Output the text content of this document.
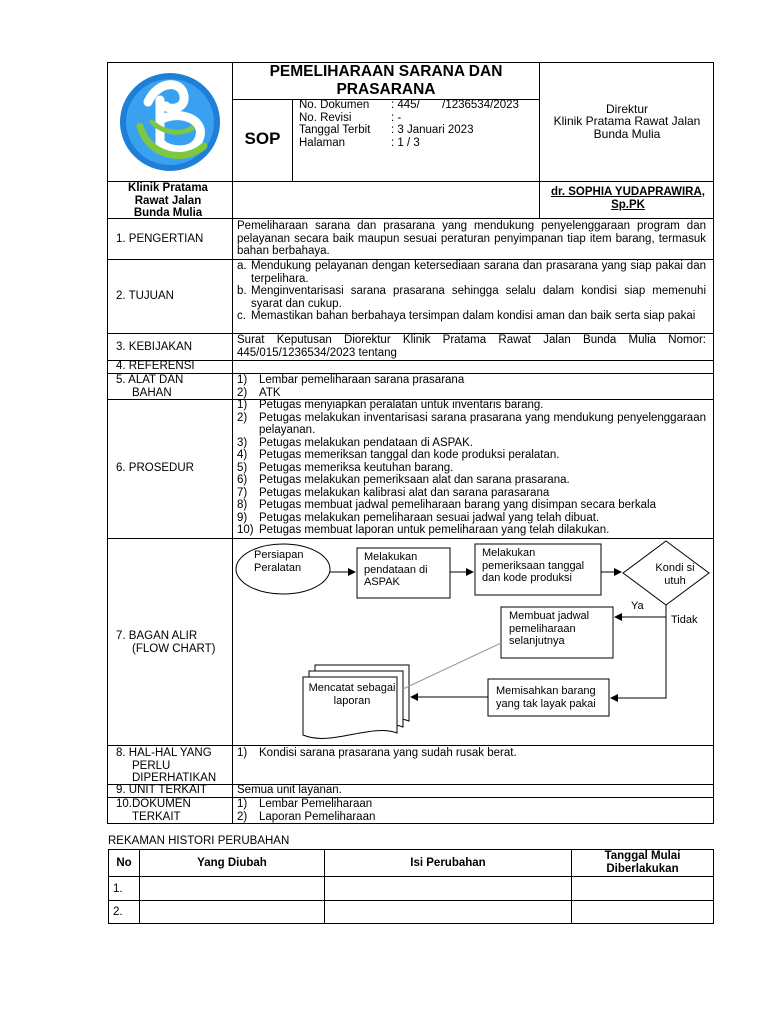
PEMELIHARAAN SARANA DAN PRASARANA
SOP
No. Dokumen	: 445/       /1236534/2023
No. Revisi	: -
Tanggal Terbit	: 3 Januari 2023
Halaman	: 1 / 3
Direktur
Klinik Pratama Rawat Jalan Bunda Mulia
Klinik Pratama Rawat Jalan Bunda Mulia
dr. SOPHIA YUDAPRAWIRA, Sp.PK
1. PENGERTIAN
Pemeliharaan sarana dan prasarana yang mendukung penyelenggaraan program dan pelayanan secara baik maupun sesuai peraturan penyimpanan tiap item barang, termasuk bahan berbahaya.
2. TUJUAN
a. Mendukung pelayanan dengan ketersediaan sarana dan prasarana yang siap pakai dan terpelihara.
b. Menginventarisasi sarana prasarana sehingga selalu dalam kondisi siap memenuhi syarat dan cukup.
c. Memastikan bahan berbahaya tersimpan dalam kondisi aman dan baik serta siap pakai
3. KEBIJAKAN
Surat Keputusan Diorektur Klinik Pratama Rawat Jalan Bunda Mulia Nomor: 445/015/1236534/2023 tentang
4. REFERENSI
5. ALAT DAN
BAHAN
1)	Lembar pemeliharaan sarana prasarana
2)	ATK
6. PROSEDUR
1)	Petugas menyiapkan peralatan untuk inventaris barang.
2)	Petugas melakukan inventarisasi sarana prasarana yang mendukung penyelenggaraan pelayanan.
3)	Petugas melakukan pendataan di ASPAK.
4)	Petugas memeriksan tanggal dan kode produksi peralatan.
5)	Petugas memeriksa keutuhan barang.
6)	Petugas melakukan pemeriksaan alat dan sarana prasarana.
7)	Petugas melakukan kalibrasi alat dan sarana parasarana
8)	Petugas membuat jadwal pemeliharaan barang yang disimpan secara berkala
9)	Petugas melakukan pemeliharaan sesuai jadwal yang telah dibuat.
10) Petugas membuat laporan untuk pemeliharaan yang telah dilakukan.
7. BAGAN ALIR
(FLOW CHART)
Persiapan Peralatan
Melakukan pendataan di ASPAK
Melakukan pemeriksaan tanggal dan kode produksi
Kondi si utuh
Ya
Tidak
Membuat jadwal pemeliharaan selanjutnya
Memisahkan barang yang tak layak pakai
Mencatat sebagai laporan
8. HAL-HAL YANG
PERLU
DIPERHATIKAN
1)	Kondisi sarana prasarana yang sudah rusak berat.
9. UNIT TERKAIT	Semua unit layanan.
10.DOKUMEN
TERKAIT
1)	Lembar Pemeliharaan
2)	Laporan Pemeliharaan
REKAMAN HISTORI PERUBAHAN
No	Yang Diubah	Isi Perubahan	Tanggal Mulai Diberlakukan
1.			
2.			
